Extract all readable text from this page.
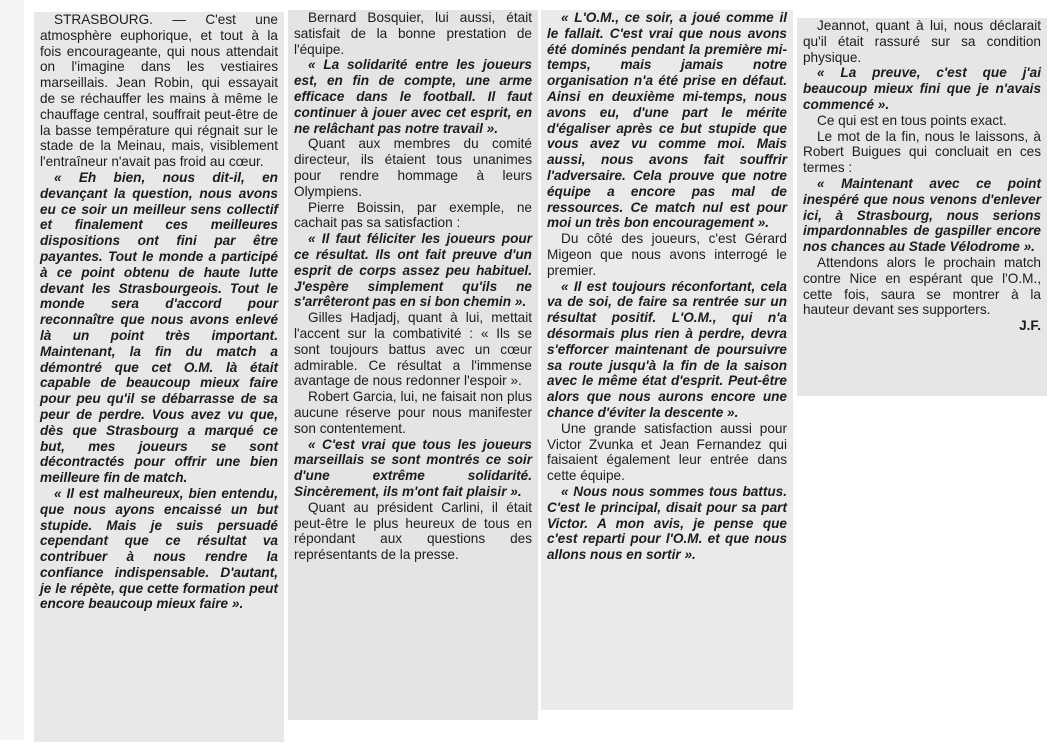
STRASBOURG. — C'est une atmosphère euphorique, et tout à la fois encourageante, qui nous attendait on l'imagine dans les vestiaires marseillais. Jean Robin, qui essayait de se réchauffer les mains à même le chauffage central, souffrait peut-être de la basse température qui régnait sur le stade de la Meinau, mais, visiblement l'entraîneur n'avait pas froid au cœur.

« Eh bien, nous dit-il, en devançant la question, nous avons eu ce soir un meilleur sens collectif et finalement ces meilleures dispositions ont fini par être payantes. Tout le monde a participé à ce point obtenu de haute lutte devant les Strasbourgeois. Tout le monde sera d'accord pour reconnaître que nous avons enlevé là un point très important. Maintenant, la fin du match a démontré que cet O.M. là était capable de beaucoup mieux faire pour peu qu'il se débarrasse de sa peur de perdre. Vous avez vu que, dès que Strasbourg a marqué ce but, mes joueurs se sont décontractés pour offrir une bien meilleure fin de match.

« Il est malheureux, bien entendu, que nous ayons encaissé un but stupide. Mais je suis persuadé cependant que ce résultat va contribuer à nous rendre la confiance indispensable. D'autant, je le répète, que cette formation peut encore beaucoup mieux faire ».

Bernard Bosquier, lui aussi, était satisfait de la bonne prestation de l'équipe.

« La solidarité entre les joueurs est, en fin de compte, une arme efficace dans le football. Il faut continuer à jouer avec cet esprit, en ne relâchant pas notre travail ».

Quant aux membres du comité directeur, ils étaient tous unanimes pour rendre hommage à leurs Olympiens.

Pierre Boissin, par exemple, ne cachait pas sa satisfaction :

« Il faut féliciter les joueurs pour ce résultat. Ils ont fait preuve d'un esprit de corps assez peu habituel. J'espère simplement qu'ils ne s'arrêteront pas en si bon chemin ».

Gilles Hadjadj, quant à lui, mettait l'accent sur la combativité : « Ils se sont toujours battus avec un cœur admirable. Ce résultat a l'immense avantage de nous redonner l'espoir ».

Robert Garcia, lui, ne faisait non plus aucune réserve pour nous manifester son contentement.

« C'est vrai que tous les joueurs marseillais se sont montrés ce soir d'une extrême solidarité. Sincèrement, ils m'ont fait plaisir ».

Quant au président Carlini, il était peut-être le plus heureux de tous en répondant aux questions des représentants de la presse.

« L'O.M., ce soir, a joué comme il le fallait. C'est vrai que nous avons été dominés pendant la première mi-temps, mais jamais notre organisation n'a été prise en défaut. Ainsi en deuxième mi-temps, nous avons eu, d'une part le mérite d'égaliser après ce but stupide que vous avez vu comme moi. Mais aussi, nous avons fait souffrir l'adversaire. Cela prouve que notre équipe a encore pas mal de ressources. Ce match nul est pour moi un très bon encouragement ».

Du côté des joueurs, c'est Gérard Migeon que nous avons interrogé le premier.

« Il est toujours réconfortant, cela va de soi, de faire sa rentrée sur un résultat positif. L'O.M., qui n'a désormais plus rien à perdre, devra s'efforcer maintenant de poursuivre sa route jusqu'à la fin de la saison avec le même état d'esprit. Peut-être alors que nous aurons encore une chance d'éviter la descente ».

Une grande satisfaction aussi pour Victor Zvunka et Jean Fernandez qui faisaient également leur entrée dans cette équipe.

« Nous nous sommes tous battus. C'est le principal, disait pour sa part Victor. A mon avis, je pense que c'est reparti pour l'O.M. et que nous allons nous en sortir ».

Jeannot, quant à lui, nous déclarait qu'il était rassuré sur sa condition physique.

« La preuve, c'est que j'ai beaucoup mieux fini que je n'avais commencé ».

Ce qui est en tous points exact.

Le mot de la fin, nous le laissons, à Robert Buigues qui concluait en ces termes :

« Maintenant avec ce point inespéré que nous venons d'enlever ici, à Strasbourg, nous serions impardonnables de gaspiller encore nos chances au Stade Vélodrome ».

Attendons alors le prochain match contre Nice en espérant que l'O.M., cette fois, saura se montrer à la hauteur devant ses supporters.

J.F.
